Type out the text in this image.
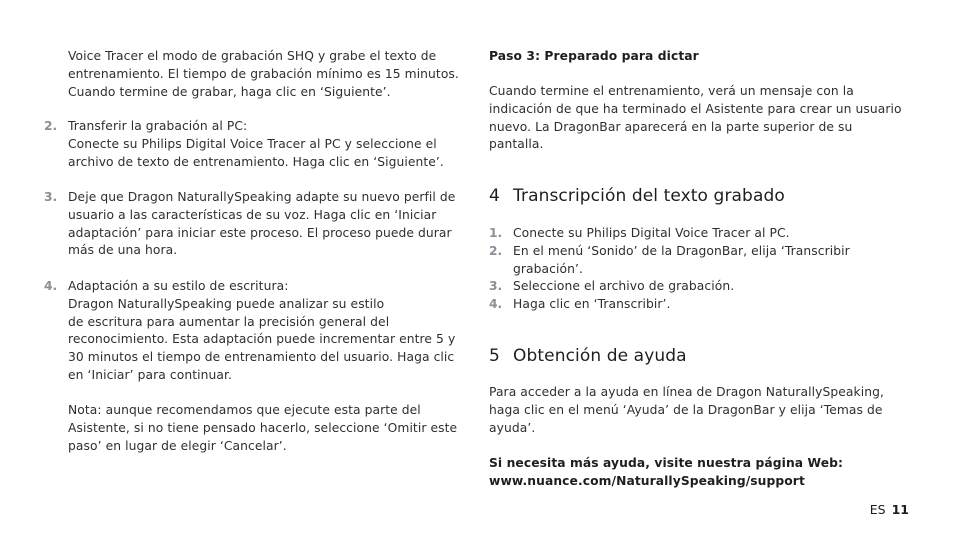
Voice Tracer el modo de grabación SHQ y grabe el texto de
entrenamiento. El tiempo de grabación mínimo es 15 minutos.
Cuando termine de grabar, haga clic en ‘Siguiente’.

2. Transferir la grabación al PC:
Conecte su Philips Digital Voice Tracer al PC y seleccione el
archivo de texto de entrenamiento. Haga clic en ‘Siguiente’.

3. Deje que Dragon NaturallySpeaking adapte su nuevo perfil de
usuario a las características de su voz. Haga clic en ‘Iniciar
adaptación’ para iniciar este proceso. El proceso puede durar
más de una hora.

4. Adaptación a su estilo de escritura:
Dragon NaturallySpeaking puede analizar su estilo
de escritura para aumentar la precisión general del
reconocimiento. Esta adaptación puede incrementar entre 5 y
30 minutos el tiempo de entrenamiento del usuario. Haga clic
en ‘Iniciar’ para continuar.

Nota: aunque recomendamos que ejecute esta parte del
Asistente, si no tiene pensado hacerlo, seleccione ‘Omitir este
paso’ en lugar de elegir ‘Cancelar’.

Paso 3: Preparado para dictar

Cuando termine el entrenamiento, verá un mensaje con la
indicación de que ha terminado el Asistente para crear un usuario
nuevo. La DragonBar aparecerá en la parte superior de su
pantalla.

4 Transcripción del texto grabado
1. Conecte su Philips Digital Voice Tracer al PC.

2. En el menú ‘Sonido’ de la DragonBar, elija ‘Transcribir
grabación’.

3. Seleccione el archivo de grabación.

4. Haga clic en ‘Transcribir’.

5 Obtención de ayuda

Para acceder a la ayuda en línea de Dragon NaturallySpeaking,
haga clic en el menú ‘Ayuda’ de la DragonBar y elija ‘Temas de
ayuda’.

Si necesita más ayuda, visite nuestra página Web:

www.nuance.com/NaturallySpeaking/support

ES 11
